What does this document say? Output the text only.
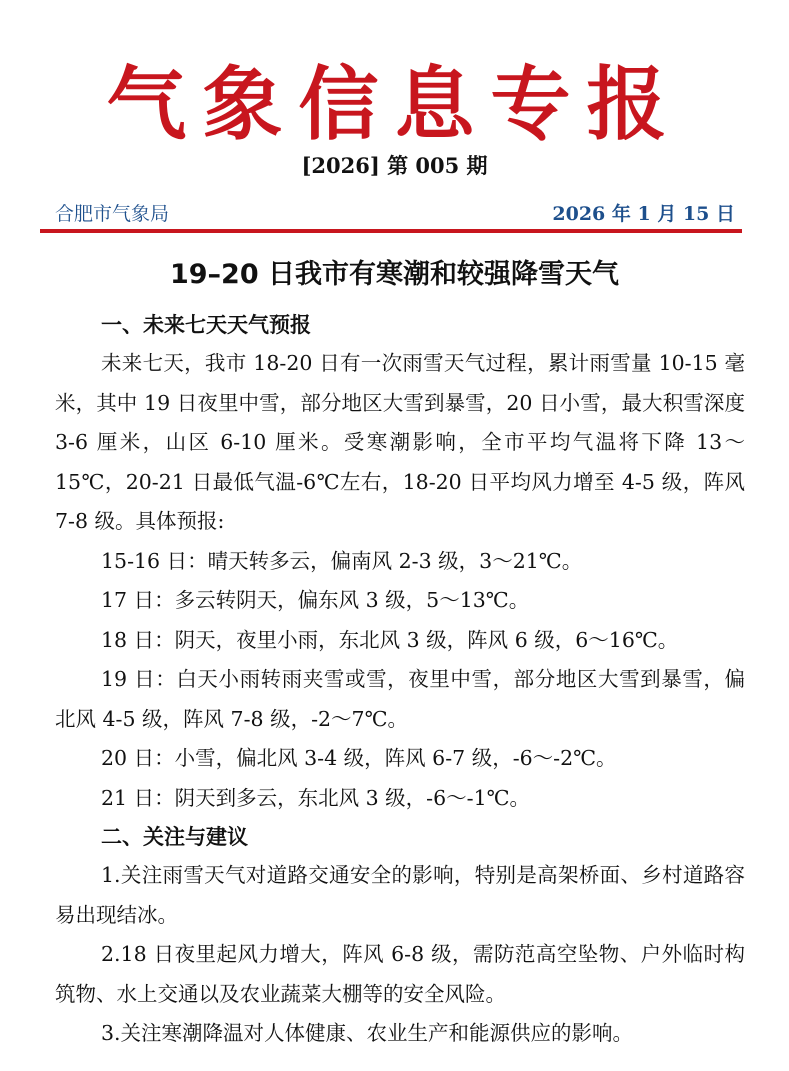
气象信息专报
[2026] 第 005 期
合肥市气象局	2026 年 1 月 15 日
19–20 日我市有寒潮和较强降雪天气

一、未来七天天气预报

未来七天，我市 18-20 日有一次雨雪天气过程，累计雨雪量 10-15 毫米，其中 19 日夜里中雪，部分地区大雪到暴雪，20 日小雪，最大积雪深度 3-6 厘米，山区 6-10 厘米。受寒潮影响，全市平均气温将下降 13～15℃，20-21 日最低气温-6℃左右，18-20 日平均风力增至 4-5 级，阵风 7-8 级。具体预报:

15-16 日：晴天转多云，偏南风 2-3 级，3～21℃。

17 日：多云转阴天，偏东风 3 级，5～13℃。

18 日：阴天，夜里小雨，东北风 3 级，阵风 6 级，6～16℃。

19 日：白天小雨转雨夹雪或雪，夜里中雪，部分地区大雪到暴雪，偏北风 4-5 级，阵风 7-8 级，-2～7℃。

20 日：小雪，偏北风 3-4 级，阵风 6-7 级，-6～-2℃。

21 日：阴天到多云，东北风 3 级，-6～-1℃。

二、关注与建议

1.关注雨雪天气对道路交通安全的影响，特别是高架桥面、乡村道路容易出现结冰。

2.18 日夜里起风力增大，阵风 6-8 级，需防范高空坠物、户外临时构筑物、水上交通以及农业蔬菜大棚等的安全风险。

3.关注寒潮降温对人体健康、农业生产和能源供应的影响。
